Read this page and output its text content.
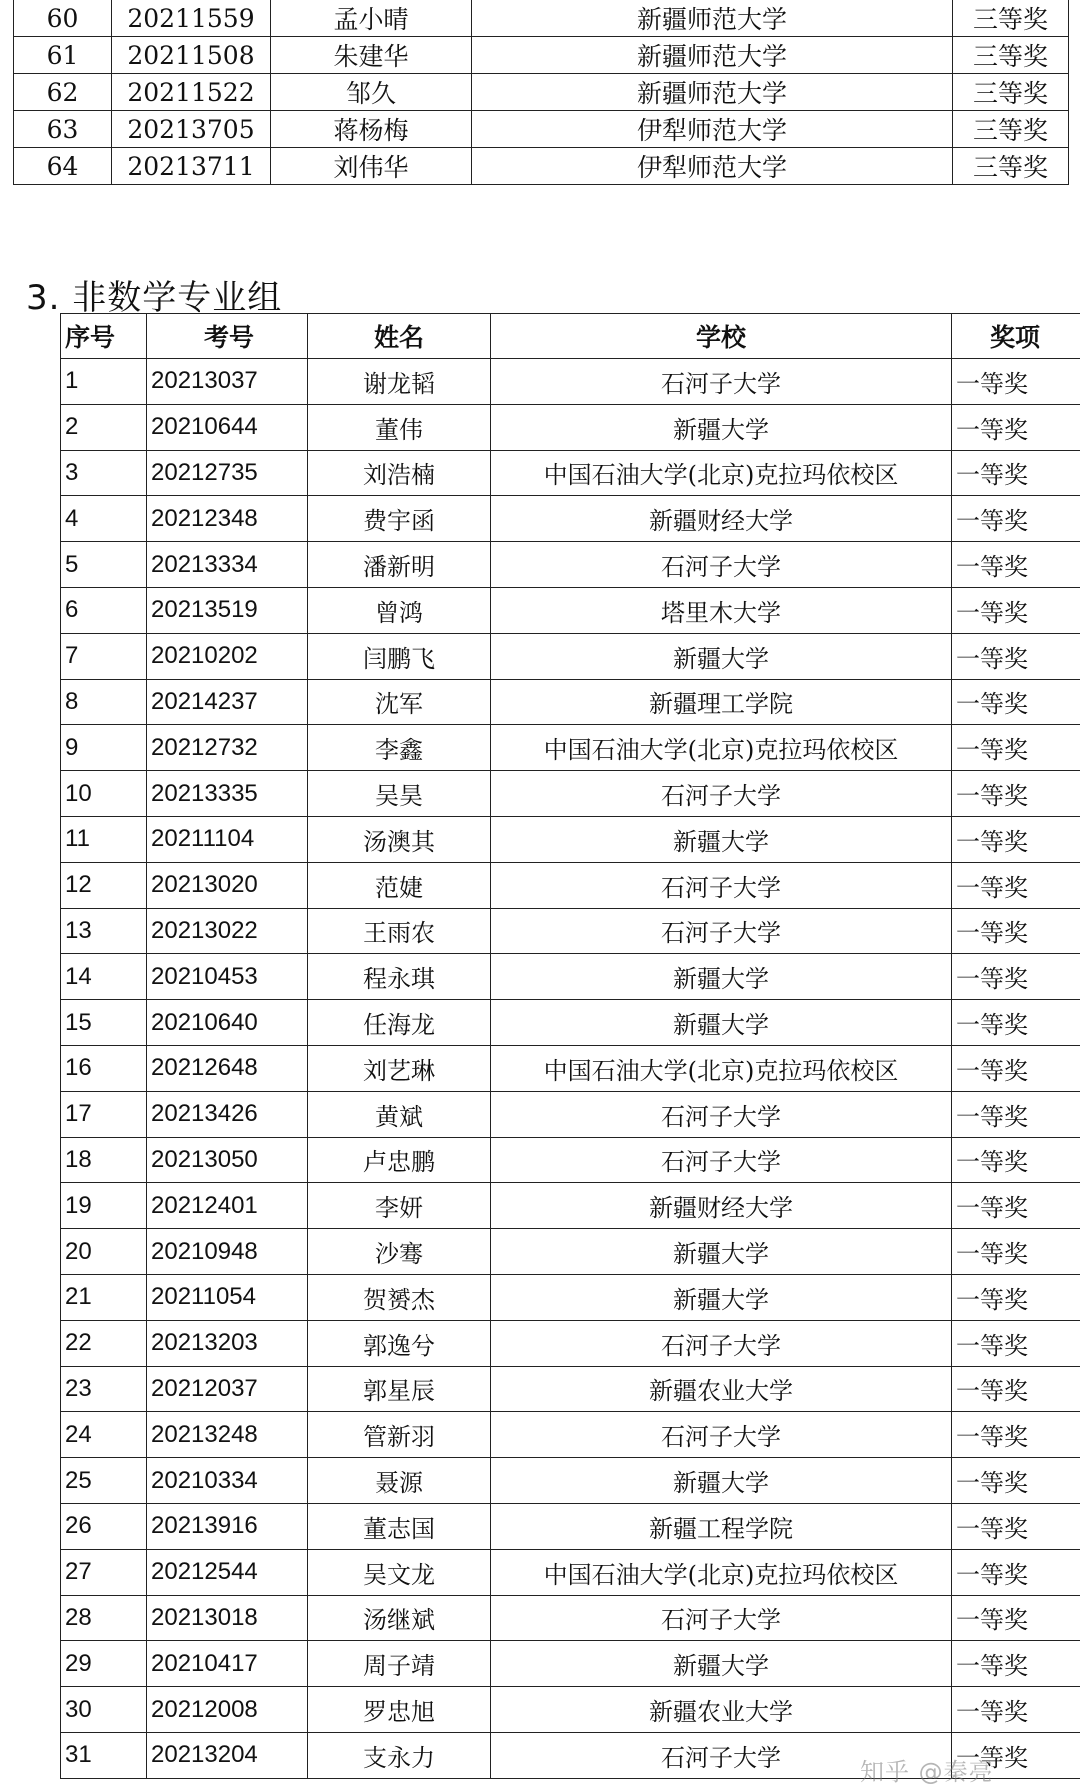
60	20211559	孟小晴	新疆师范大学	三等奖
61	20211508	朱建华	新疆师范大学	三等奖
62	20211522	邹久	新疆师范大学	三等奖
63	20213705	蒋杨梅	伊犁师范大学	三等奖
64	20213711	刘伟华	伊犁师范大学	三等奖
3. 非数学专业组
序号	考号	姓名	学校	奖项
1	20213037	谢龙韬	石河子大学	一等奖
2	20210644	董伟	新疆大学	一等奖
3	20212735	刘浩楠	中国石油大学(北京)克拉玛依校区	一等奖
4	20212348	费宇函	新疆财经大学	一等奖
5	20213334	潘新明	石河子大学	一等奖
6	20213519	曾鸿	塔里木大学	一等奖
7	20210202	闫鹏飞	新疆大学	一等奖
8	20214237	沈军	新疆理工学院	一等奖
9	20212732	李鑫	中国石油大学(北京)克拉玛依校区	一等奖
10	20213335	吴昊	石河子大学	一等奖
11	20211104	汤澳其	新疆大学	一等奖
12	20213020	范婕	石河子大学	一等奖
13	20213022	王雨农	石河子大学	一等奖
14	20210453	程永琪	新疆大学	一等奖
15	20210640	任海龙	新疆大学	一等奖
16	20212648	刘艺琳	中国石油大学(北京)克拉玛依校区	一等奖
17	20213426	黄斌	石河子大学	一等奖
18	20213050	卢忠鹏	石河子大学	一等奖
19	20212401	李妍	新疆财经大学	一等奖
20	20210948	沙骞	新疆大学	一等奖
21	20211054	贺赟杰	新疆大学	一等奖
22	20213203	郭逸兮	石河子大学	一等奖
23	20212037	郭星辰	新疆农业大学	一等奖
24	20213248	管新羽	石河子大学	一等奖
25	20210334	聂源	新疆大学	一等奖
26	20213916	董志国	新疆工程学院	一等奖
27	20212544	吴文龙	中国石油大学(北京)克拉玛依校区	一等奖
28	20213018	汤继斌	石河子大学	一等奖
29	20210417	周子靖	新疆大学	一等奖
30	20212008	罗忠旭	新疆农业大学	一等奖
31	20213204	支永力	石河子大学	一等奖
知乎 @秦亮
